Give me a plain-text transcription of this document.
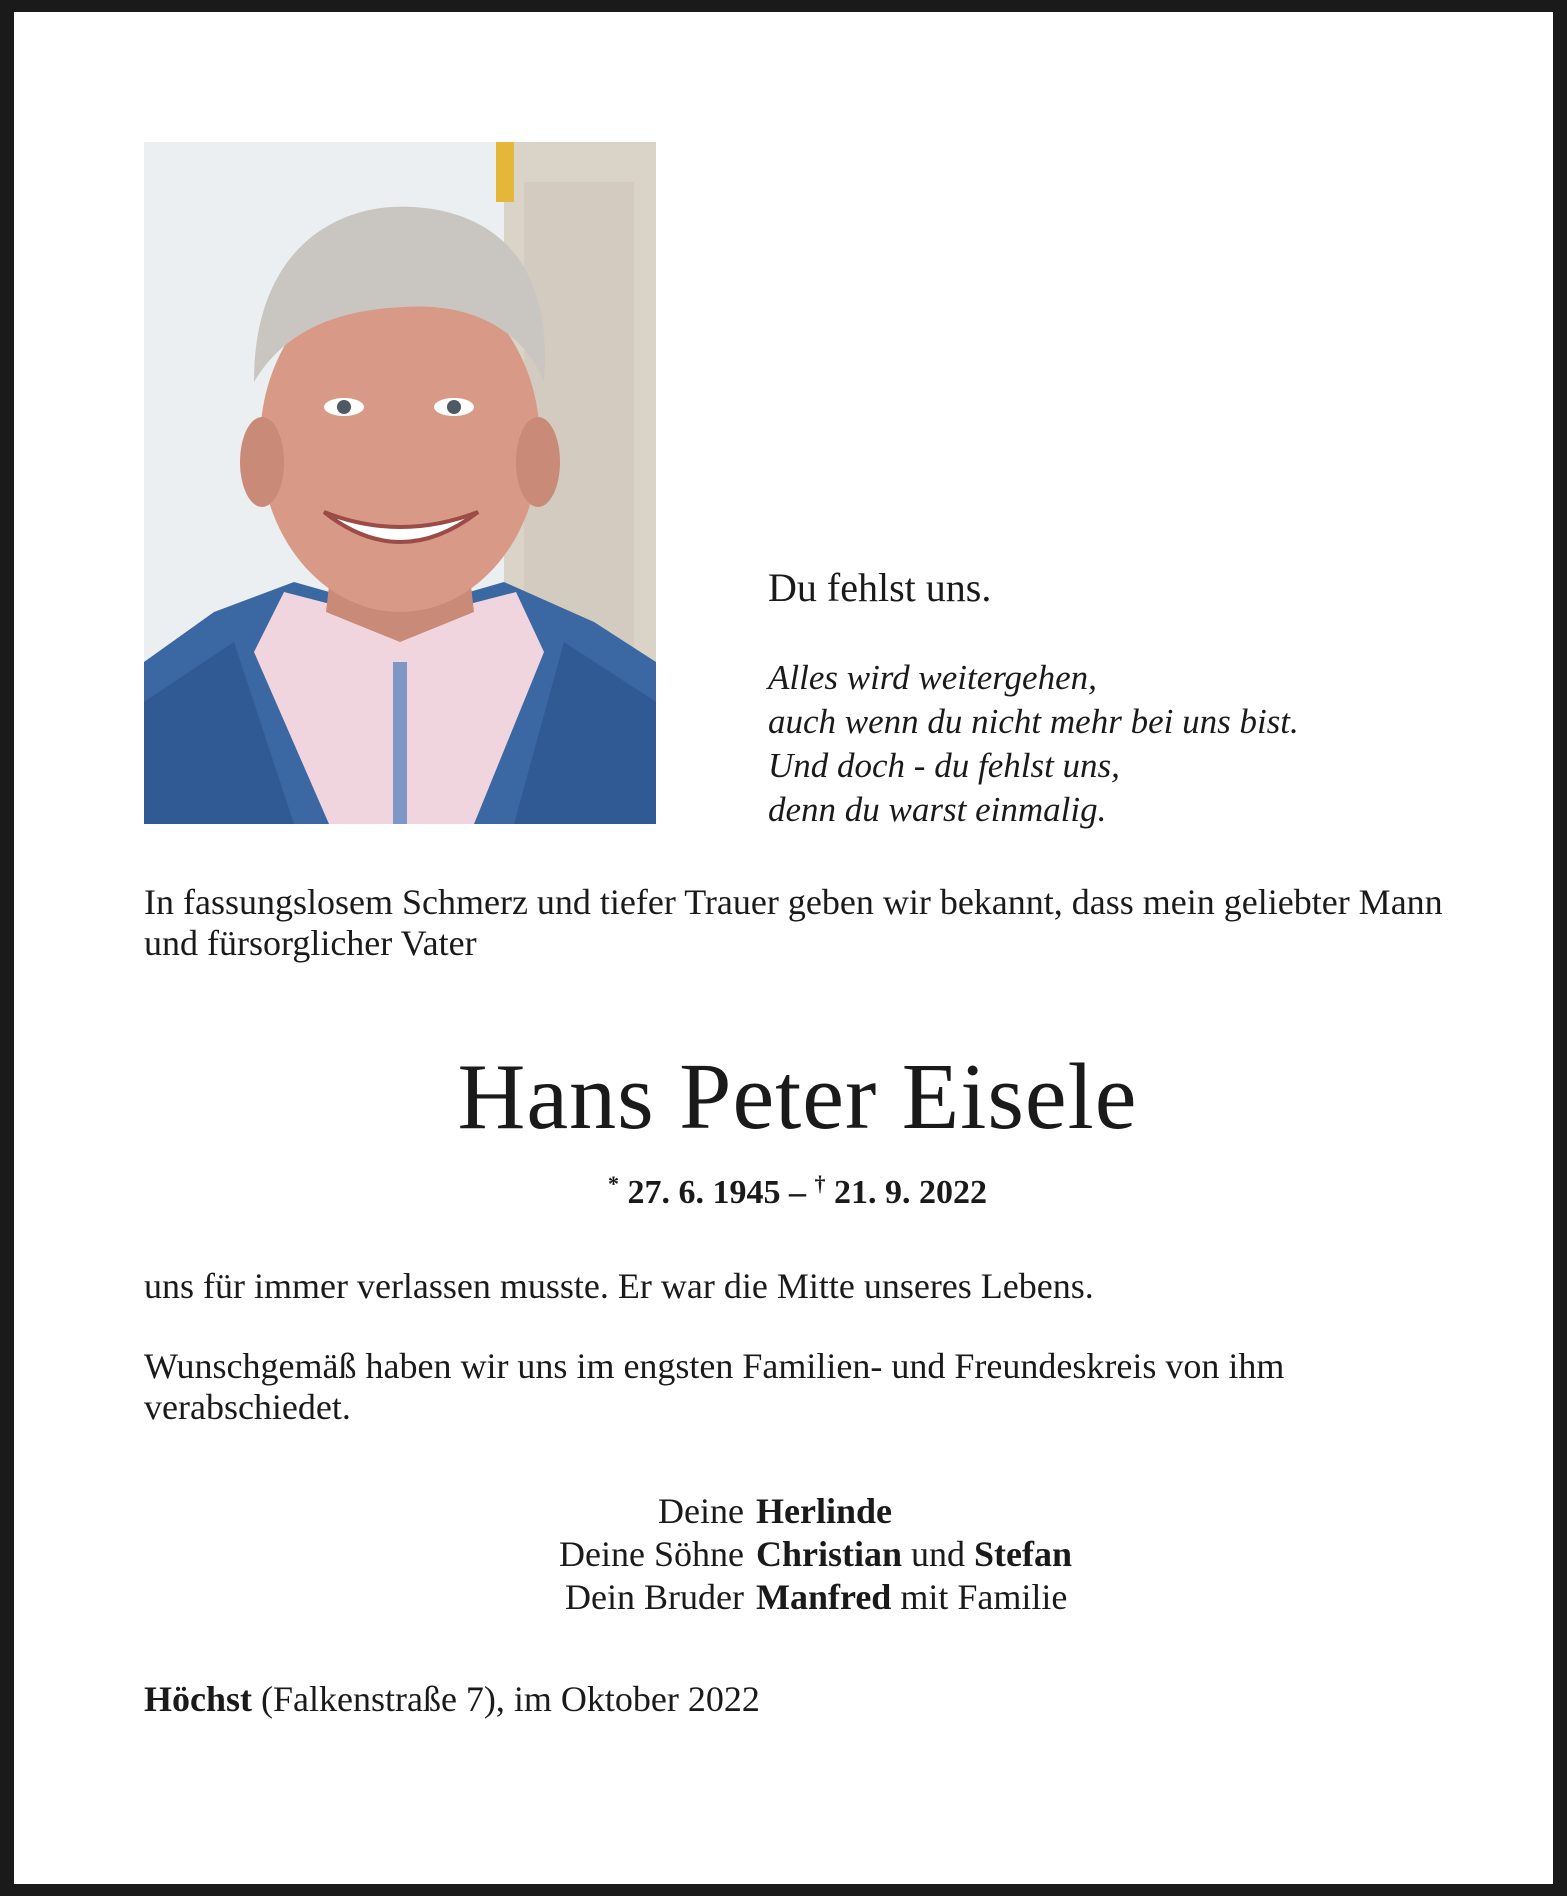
Du fehlst uns.

Alles wird weitergehen,
auch wenn du nicht mehr bei uns bist.
Und doch - du fehlst uns,
denn du warst einmalig.

In fassungslosem Schmerz und tiefer Trauer geben wir bekannt, dass mein geliebter Mann und fürsorglicher Vater

Hans Peter Eisele
* 27. 6. 1945 – † 21. 9. 2022

uns für immer verlassen musste. Er war die Mitte unseres Lebens.

Wunschgemäß haben wir uns im engsten Familien- und Freundeskreis von ihm verabschiedet.

Deine Herlinde
Deine Söhne Christian und Stefan
Dein Bruder Manfred mit Familie

Höchst (Falkenstraße 7), im Oktober 2022
